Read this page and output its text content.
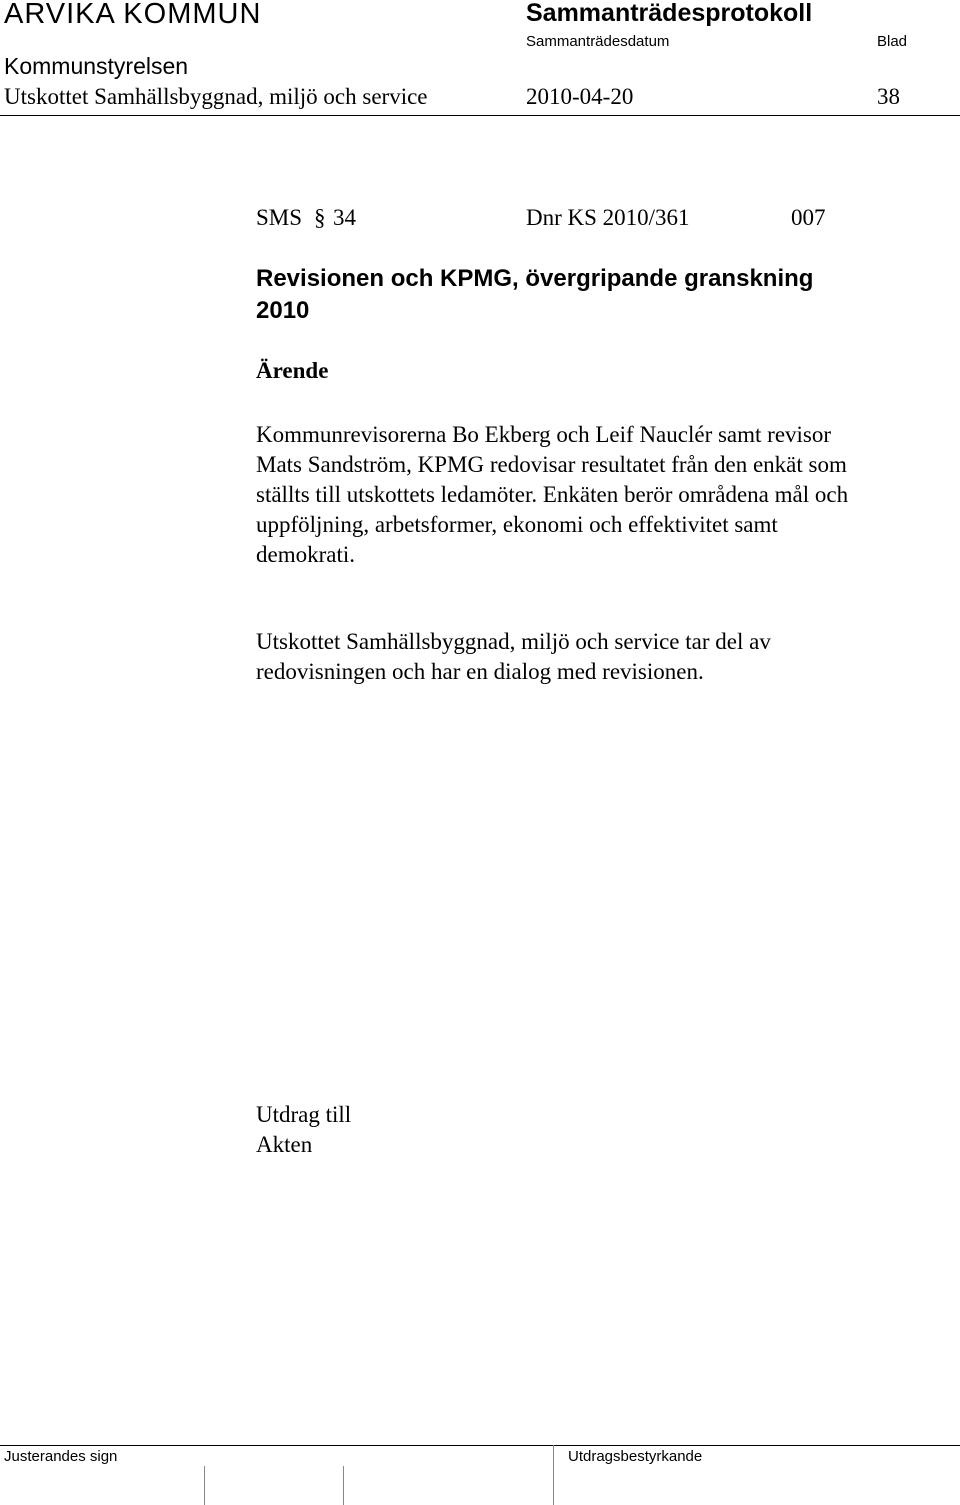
ARVIKA KOMMUN	Sammanträdesprotokoll
Sammanträdesdatum	Blad
Kommunstyrelsen
Utskottet Samhällsbyggnad, miljö och service	2010-04-20	38
SMS § 34	Dnr KS 2010/361	007
Revisionen och KPMG, övergripande granskning 2010
Ärende
Kommunrevisorerna Bo Ekberg och Leif Nauclér samt revisor
Mats Sandström, KPMG redovisar resultatet från den enkät som
ställts till utskottets ledamöter. Enkäten berör områdena mål och
uppföljning, arbetsformer, ekonomi och effektivitet samt
demokrati.
Utskottet Samhällsbyggnad, miljö och service tar del av
redovisningen och har en dialog med revisionen.
Utdrag till
Akten
Justerandes sign	Utdragsbestyrkande
